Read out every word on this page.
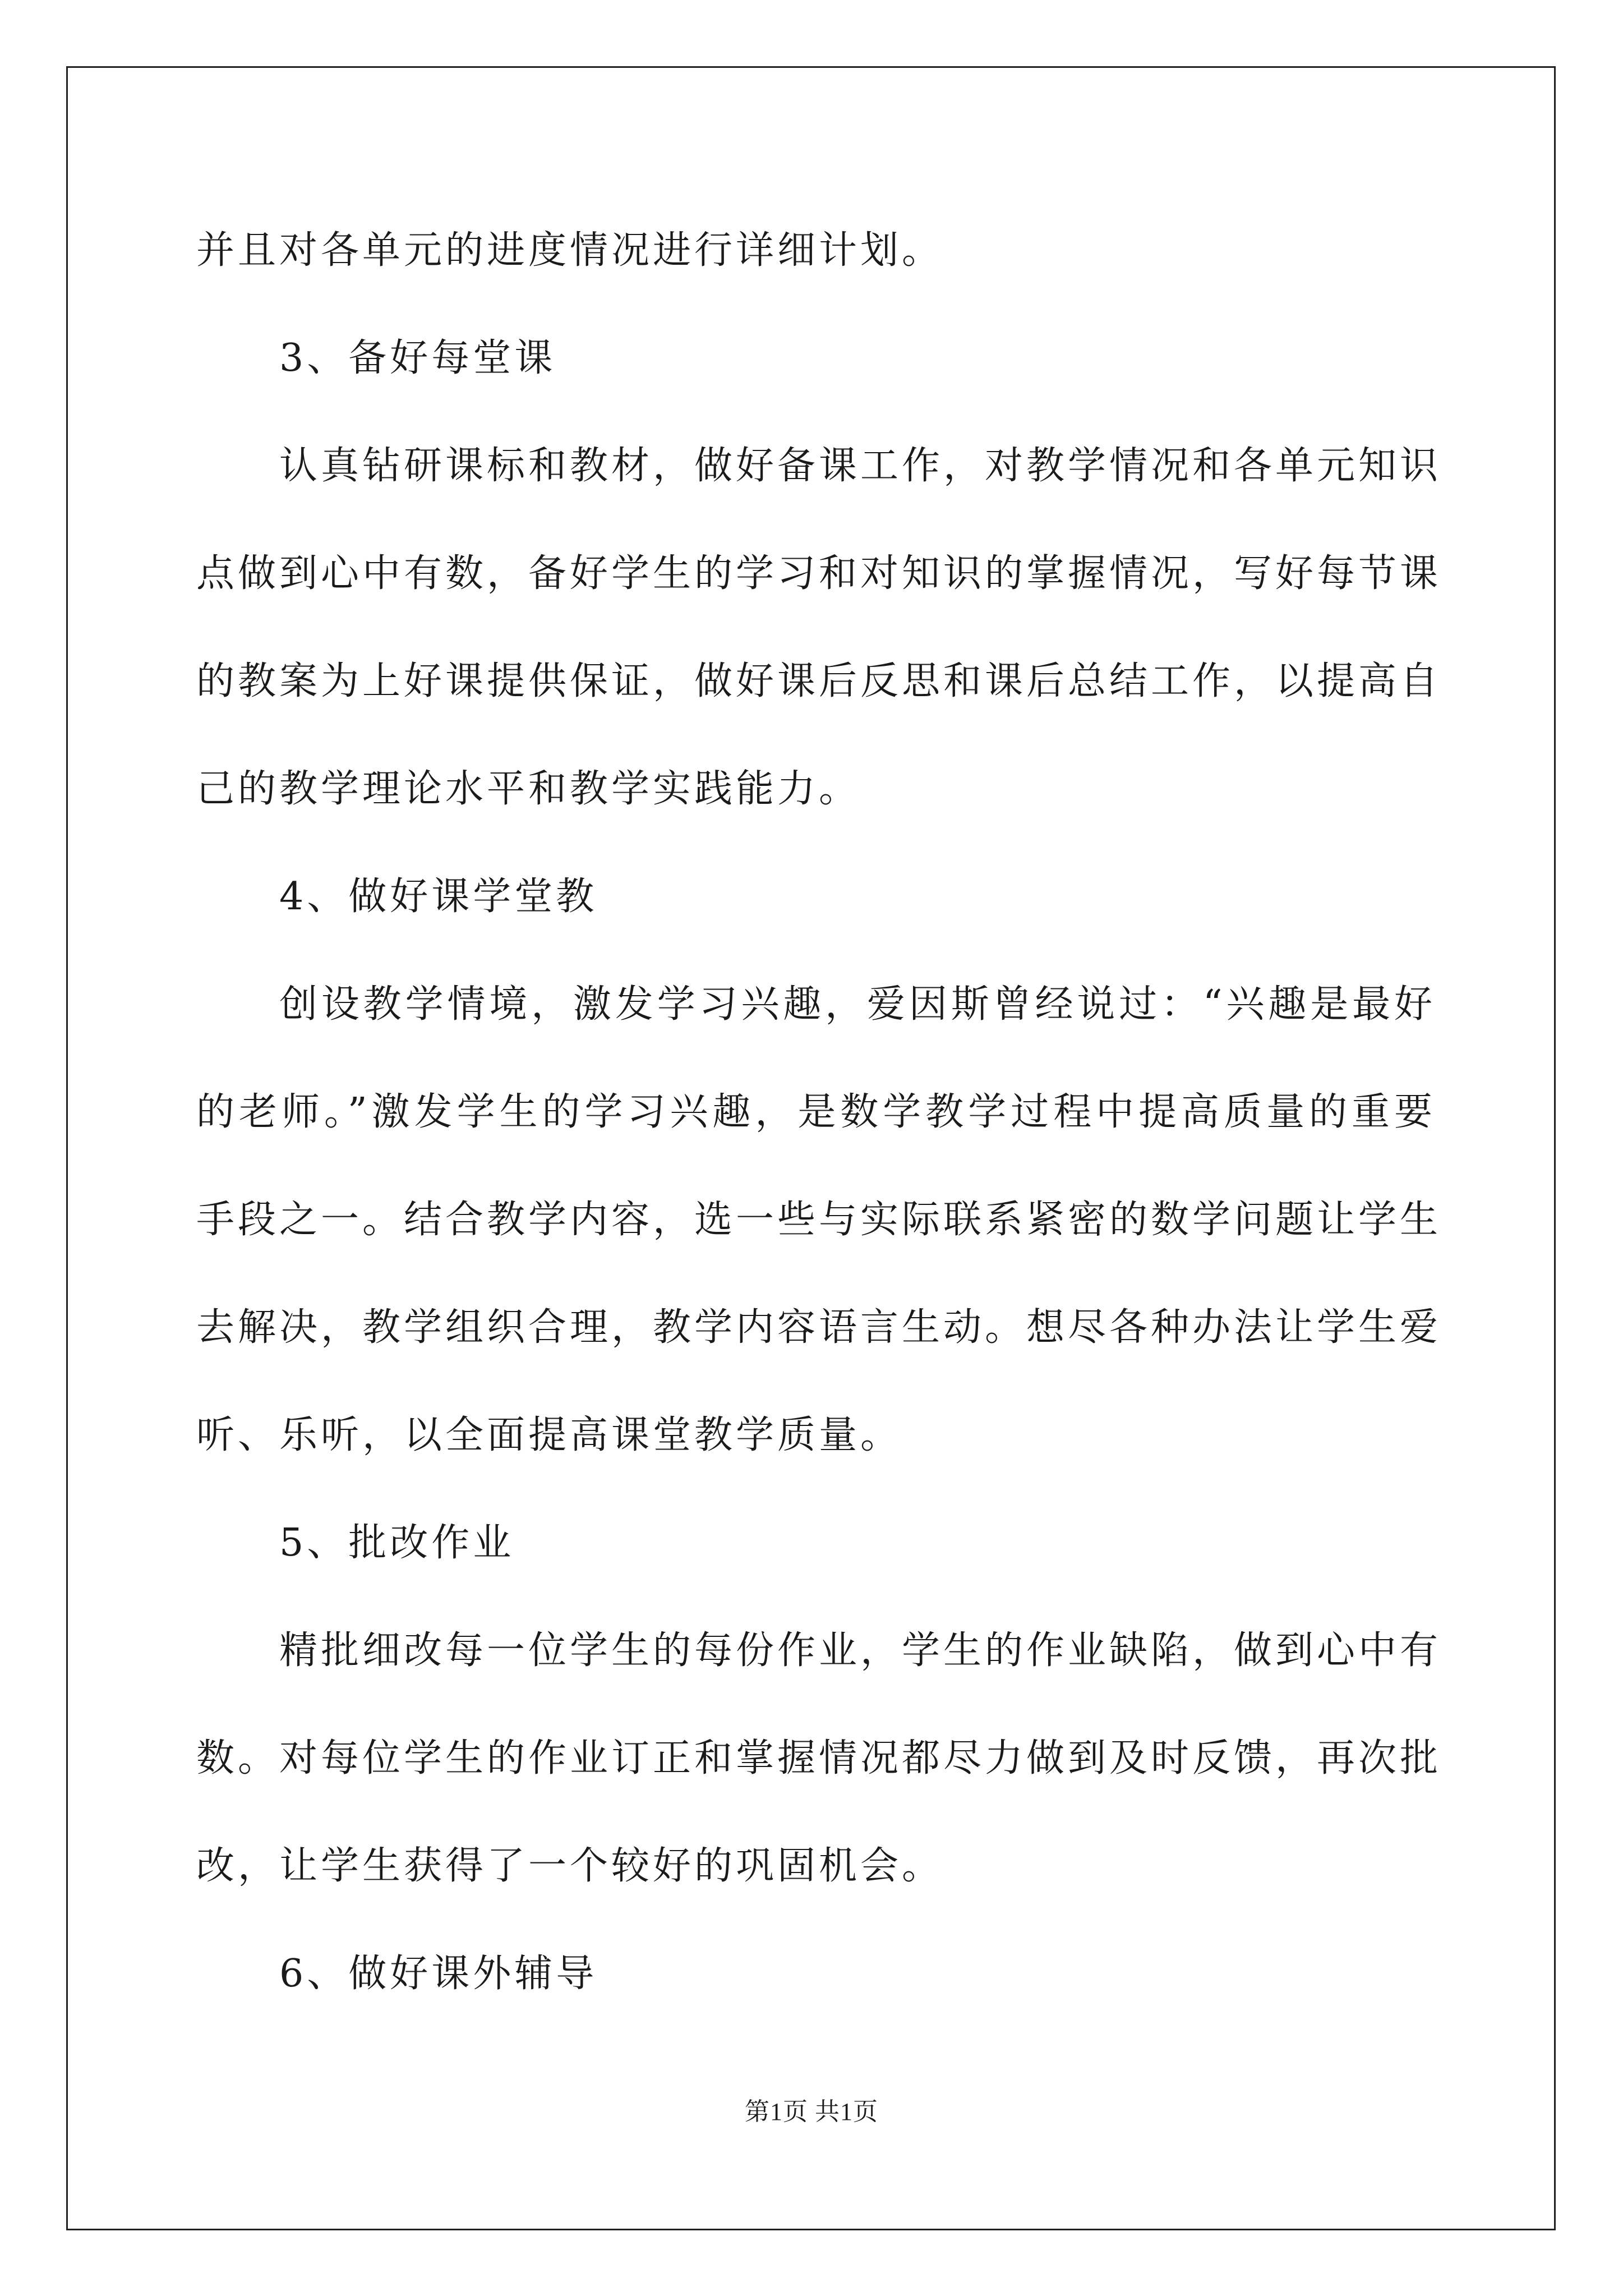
并且对各单元的进度情况进行详细计划。
3、备好每堂课
认真钻研课标和教材，做好备课工作，对教学情况和各单元知识
点做到心中有数，备好学生的学习和对知识的掌握情况，写好每节课
的教案为上好课提供保证，做好课后反思和课后总结工作，以提高自
己的教学理论水平和教学实践能力。
4、做好课学堂教
创设教学情境，激发学习兴趣，爱因斯曾经说过：“兴趣是最好
的老师。”激发学生的学习兴趣，是数学教学过程中提高质量的重要
手段之一。结合教学内容，选一些与实际联系紧密的数学问题让学生
去解决，教学组织合理，教学内容语言生动。想尽各种办法让学生爱
听、乐听，以全面提高课堂教学质量。
5、批改作业
精批细改每一位学生的每份作业，学生的作业缺陷，做到心中有
数。对每位学生的作业订正和掌握情况都尽力做到及时反馈，再次批
改，让学生获得了一个较好的巩固机会。
6、做好课外辅导
第1页 共1页
